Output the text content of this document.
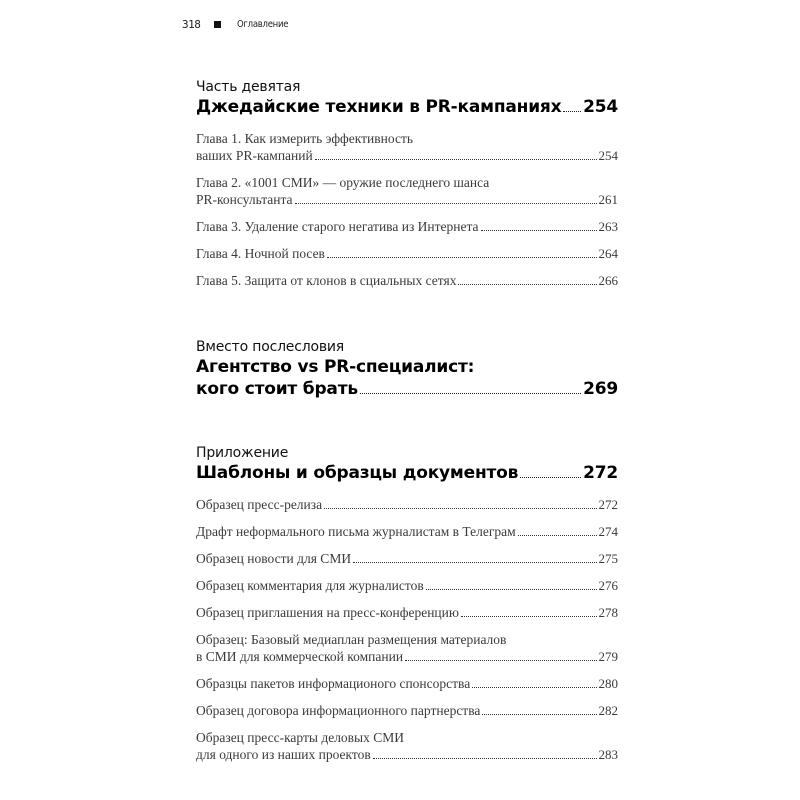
318	Оглавление
Часть девятая
Джедайские техники в PR-кампаниях 254
Глава 1. Как измерить эффективность
ваших PR-кампаний	254
Глава 2. «1001 СМИ» — оружие последнего шанса
PR-консультанта	261
Глава 3. Удаление старого негатива из Интернета	263
Глава 4. Ночной посев	264
Глава 5. Защита от клонов в сциальных сетях	266
Вместо послесловия
Агентство vs PR-специалист:
кого стоит брать	269
Приложение
Шаблоны и образцы документов	272
Образец пресс-релиза	272
Драфт неформального письма журналистам в Телеграм	274
Образец новости для СМИ	275
Образец комментария для журналистов	276
Образец приглашения на пресс-конференцию	278
Образец: Базовый медиаплан размещения материалов
в СМИ для коммерческой компании	279
Образцы пакетов информационого спонсорства	280
Образец договора информационного партнерства	282
Образец пресс-карты деловых СМИ
для одного из наших проектов	283
